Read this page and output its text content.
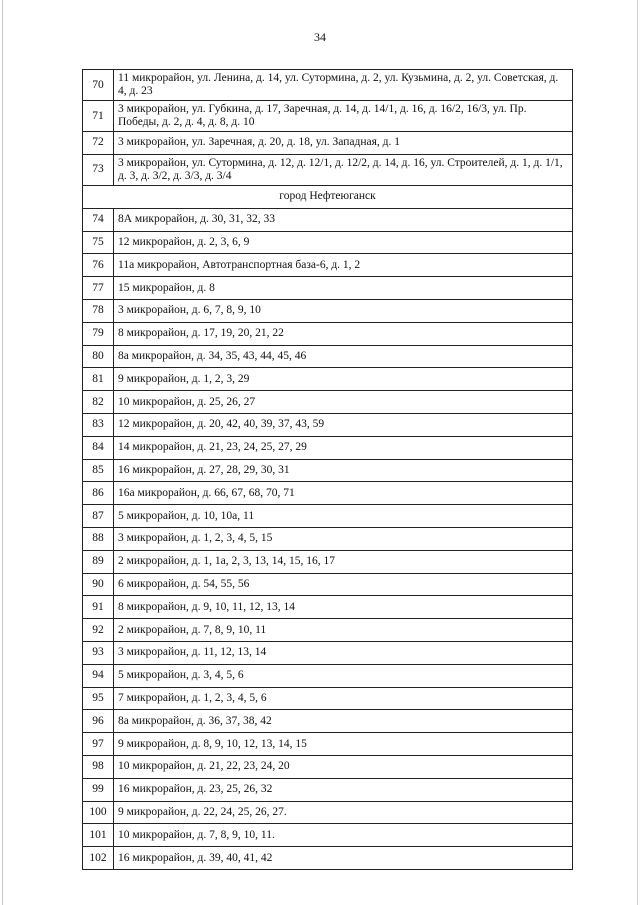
34
70	11 микрорайон, ул. Ленина, д. 14, ул. Сутормина, д. 2, ул. Кузьмина, д. 2, ул. Советская, д. 4, д. 23
71	3 микрорайон, ул. Губкина, д. 17, Заречная, д. 14, д. 14/1, д. 16, д. 16/2, 16/3, ул. Пр. Победы, д. 2, д. 4, д. 8, д. 10
72	3 микрорайон, ул. Заречная, д. 20, д. 18, ул. Западная, д. 1
73	3 микрорайон, ул. Сутормина, д. 12, д. 12/1, д. 12/2, д. 14, д. 16, ул. Строителей, д. 1, д. 1/1, д. 3, д. 3/2, д. 3/3, д. 3/4
город Нефтеюганск	
74	8А микрорайон, д. 30, 31, 32, 33
75	12 микрорайон, д. 2, 3, 6, 9
76	11а микрорайон, Автотранспортная база-6, д. 1, 2
77	15 микрорайон, д. 8
78	3 микрорайон, д. 6, 7, 8, 9, 10
79	8 микрорайон, д. 17, 19, 20, 21, 22
80	8а микрорайон, д. 34, 35, 43, 44, 45, 46
81	9 микрорайон, д. 1, 2, 3, 29
82	10 микрорайон, д. 25, 26, 27
83	12 микрорайон, д. 20, 42, 40, 39, 37, 43, 59
84	14 микрорайон, д. 21, 23, 24, 25, 27, 29
85	16 микрорайон, д. 27, 28, 29, 30, 31
86	16а микрорайон, д. 66, 67, 68, 70, 71
87	5 микрорайон, д. 10, 10а, 11
88	3 микрорайон, д. 1, 2, 3, 4, 5, 15
89	2 микрорайон, д. 1, 1а, 2, 3, 13, 14, 15, 16, 17
90	6 микрорайон, д. 54, 55, 56
91	8 микрорайон, д. 9, 10, 11, 12, 13, 14
92	2 микрорайон, д. 7, 8, 9, 10, 11
93	3 микрорайон, д. 11, 12, 13, 14
94	5 микрорайон, д. 3, 4, 5, 6
95	7 микрорайон, д. 1, 2, 3, 4, 5, 6
96	8а микрорайон, д. 36, 37, 38, 42
97	9 микрорайон, д. 8, 9, 10, 12, 13, 14, 15
98	10 микрорайон, д. 21, 22, 23, 24, 20
99	16 микрорайон, д. 23, 25, 26, 32
100	9 микрорайон, д. 22, 24, 25, 26, 27.
101	10 микрорайон, д. 7, 8, 9, 10, 11.
102	16 микрорайон, д. 39, 40, 41, 42
